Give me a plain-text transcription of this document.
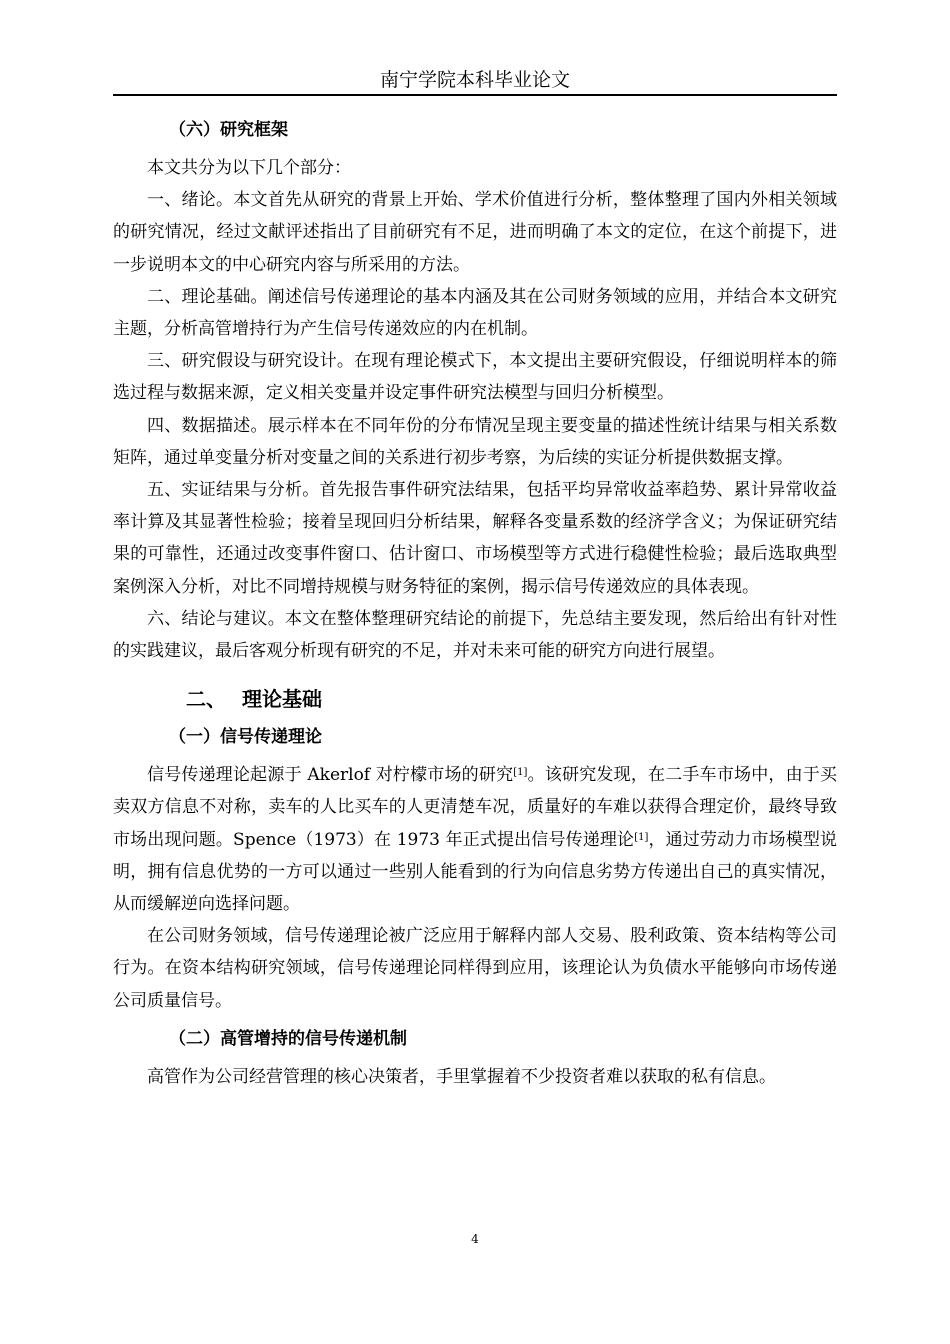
南宁学院本科毕业论文
（六）研究框架

本文共分为以下几个部分：

一、绪论。本文首先从研究的背景上开始、学术价值进行分析，整体整理了国内外相关领域的研究情况，经过文献评述指出了目前研究有不足，进而明确了本文的定位，在这个前提下，进一步说明本文的中心研究内容与所采用的方法。

二、理论基础。阐述信号传递理论的基本内涵及其在公司财务领域的应用，并结合本文研究主题，分析高管增持行为产生信号传递效应的内在机制。

三、研究假设与研究设计。在现有理论模式下，本文提出主要研究假设，仔细说明样本的筛选过程与数据来源，定义相关变量并设定事件研究法模型与回归分析模型。

四、数据描述。展示样本在不同年份的分布情况呈现主要变量的描述性统计结果与相关系数矩阵，通过单变量分析对变量之间的关系进行初步考察，为后续的实证分析提供数据支撑。

五、实证结果与分析。首先报告事件研究法结果，包括平均异常收益率趋势、累计异常收益率计算及其显著性检验；接着呈现回归分析结果，解释各变量系数的经济学含义；为保证研究结果的可靠性，还通过改变事件窗口、估计窗口、市场模型等方式进行稳健性检验；最后选取典型案例深入分析，对比不同增持规模与财务特征的案例，揭示信号传递效应的具体表现。

六、结论与建议。本文在整体整理研究结论的前提下，先总结主要发现，然后给出有针对性的实践建议，最后客观分析现有研究的不足，并对未来可能的研究方向进行展望。

二、 理论基础
（一）信号传递理论

信号传递理论起源于 Akerlof 对柠檬市场的研究[1]。该研究发现，在二手车市场中，由于买卖双方信息不对称，卖车的人比买车的人更清楚车况，质量好的车难以获得合理定价，最终导致市场出现问题。Spence（1973）在 1973 年正式提出信号传递理论[1]，通过劳动力市场模型说明，拥有信息优势的一方可以通过一些别人能看到的行为向信息劣势方传递出自己的真实情况，从而缓解逆向选择问题。

在公司财务领域，信号传递理论被广泛应用于解释内部人交易、股利政策、资本结构等公司行为。在资本结构研究领域，信号传递理论同样得到应用，该理论认为负债水平能够向市场传递公司质量信号。

（二）高管增持的信号传递机制

高管作为公司经营管理的核心决策者，手里掌握着不少投资者难以获取的私有信息。

4
